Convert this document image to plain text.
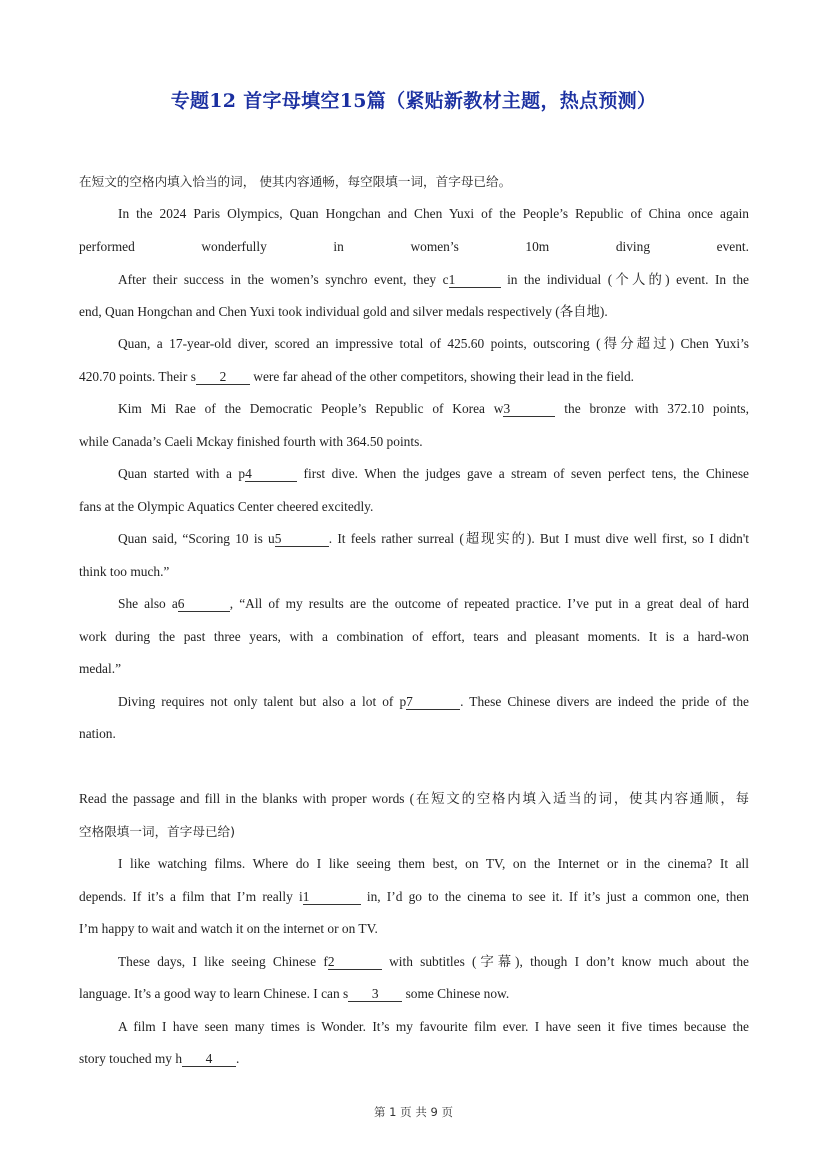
专题12 首字母填空15篇（紧贴新教材主题，热点预测）
在短文的空格内填入恰当的词， 使其内容通畅，每空限填一词，首字母已给。
In the 2024 Paris Olympics, Quan Hongchan and Chen Yuxi of the People’s Republic of China once again
performed wonderfully in women’s 10m diving event.
After their success in the women’s synchro event, they c1	in the individual (个人的) event. In the
end, Quan Hongchan and Chen Yuxi took individual gold and silver medals respectively (各自地).
Quan, a 17-year-old diver, scored an impressive total of 425.60 points, outscoring (得分超过) Chen Yuxi’s
420.70 points. Their s 2 were far ahead of the other competitors, showing their lead in the field.
Kim Mi Rae of the Democratic People’s Republic of Korea w3	the bronze with 372.10 points,
while Canada’s Caeli Mckay finished fourth with 364.50 points.
Quan started with a p4	first dive. When the judges gave a stream of seven perfect tens, the Chinese
fans at the Olympic Aquatics Center cheered excitedly.
Quan said, “Scoring 10 is u5	. It feels rather surreal (超现实的). But I must dive well first, so I didn't
think too much.”
She also a6	, “All of my results are the outcome of repeated practice. I’ve put in a great deal of hard
work during the past three years, with a combination of effort, tears and pleasant moments. It is a hard-won
medal.”
Diving requires not only talent but also a lot of p7	. These Chinese divers are indeed the pride of the
nation.
Read the passage and fill in the blanks with proper words (在短文的空格内填入适当的词，使其内容通顺，每
空格限填一词，首字母已给)
I like watching films. Where do I like seeing them best, on TV, on the Internet or in the cinema? It all
depends. If it’s a film that I’m really i1	in, I’d go to the cinema to see it. If it’s just a common one, then
I’m happy to wait and watch it on the internet or on TV.
These days, I like seeing Chinese f2	with subtitles (字幕), though I don’t know much about the
language. It’s a good way to learn Chinese. I can s 3 some Chinese now.
A film I have seen many times is Wonder. It’s my favourite film ever. I have seen it five times because the
story touched my h 4 .
第 1 页 共 9 页
